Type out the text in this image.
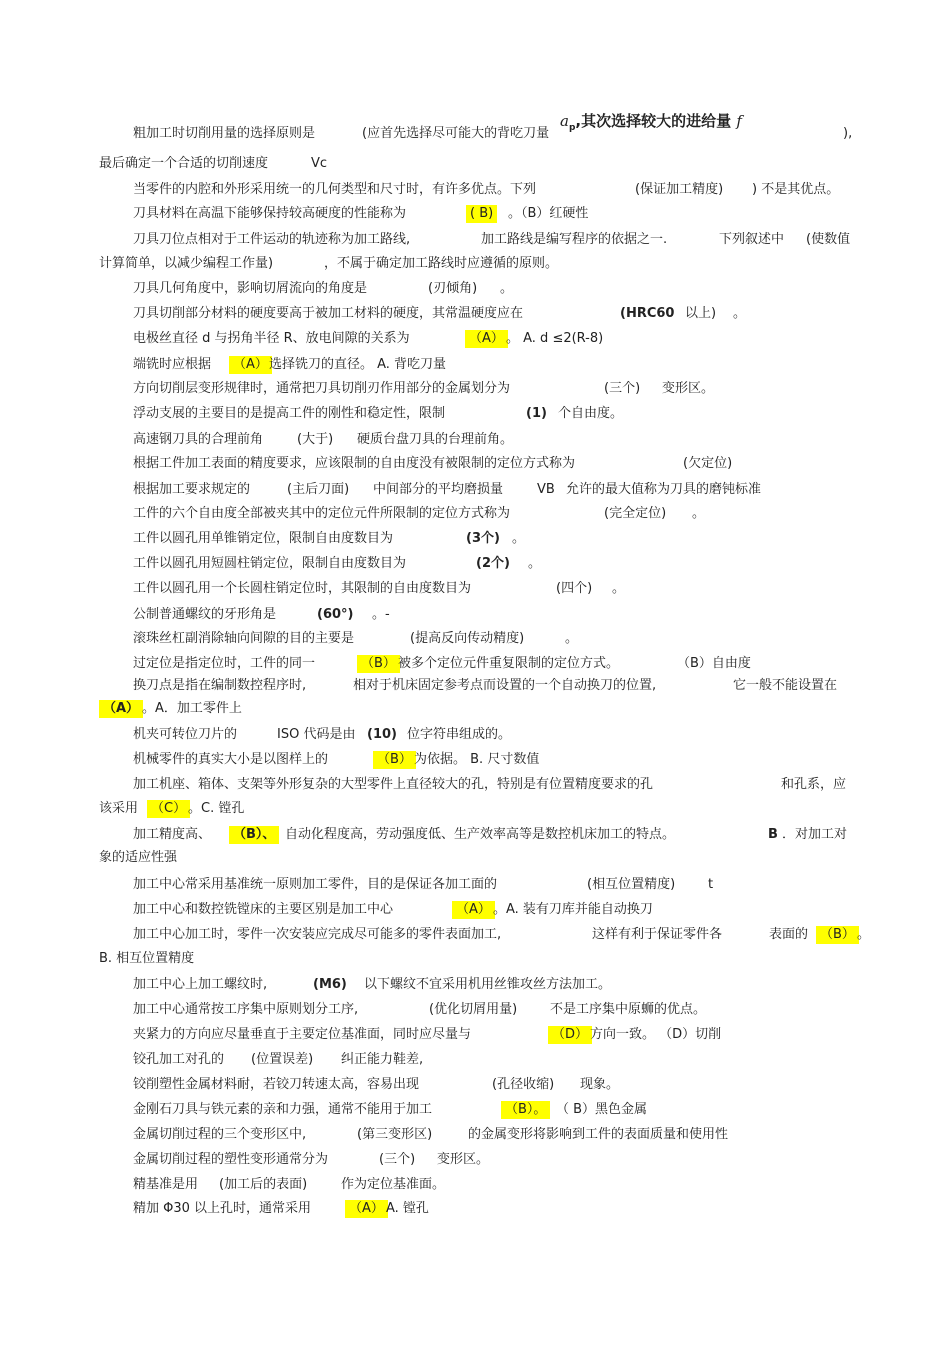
$a_p$,其次选择较大的进给量 f
粗加工时切削用量的选择原则是	(应首先选择尽可能大的背吃刀量	),
最后确定一个合适的切削速度	Vc
当零件的内腔和外形采用统一的几何类型和尺寸时，有许多优点。下列	(保证加工精度) ) 不是其优点。
刀具材料在高温下能够保持较高硬度的性能称为	( B)	。（B）红硬性
刀具刀位点相对于工件运动的轨迹称为加工路线,	加工路线是编写程序的依据之一.	下列叙述中 (使数值
计算简单，以减少编程工作量)	，不属于确定加工路线时应遵循的原则。
刀具几何角度中，影响切屑流向的角度是	(刃倾角) 。
刀具切削部分材料的硬度要高于被加工材料的硬度，其常温硬度应在	(HRC60 以上) 。
电极丝直径 d 与拐角半径 R、放电间隙的关系为	（A） 。 A. d ≤2(R-8)
端铣时应根据	（A） 选择铣刀的直径。 A. 背吃刀量
方向切削层变形规律时，通常把刀具切削刃作用部分的金属划分为	(三个) 变形区。
浮动支展的主要目的是提高工件的刚性和稳定性，限制	(1) 个自由度。
高速钢刀具的合理前角	(大于) 硬质台盘刀具的台理前角。
根据工件加工表面的精度要求，应该限制的自由度没有被限制的定位方式称为	(欠定位)
根据加工要求规定的	(主后刀面) 中间部分的平均磨损量	VB 允许的最大值称为刀具的磨钝标准
工件的六个自由度全部被夹其中的定位元件所限制的定位方式称为	(完全定位) 。
工件以圆孔用单锥销定位，限制自由度数目为	(3个) 。
工件以圆孔用短圆柱销定位，限制自由度数目为	(2个) 。
工件以圆孔用一个长圆柱销定位时，其限制的自由度数目为	(四个) 。
公制普通螺纹的牙形角是	(60°) 。-
滚珠丝杠副消除轴向间隙的目的主要是	(提高反向传动精度)	。
过定位是指定位时，工件的同一	（B） 被多个定位元件重复限制的定位方式。	（B）自由度
换刀点是指在编制数控程序时,	相对于机床固定参考点而设置的一个自动换刀的位置,	它一般不能设置在
（A） 。A．加工零件上
机夹可转位刀片的	ISO 代码是由 (10) 位字符串组成的。
机械零件的真实大小是以图样上的	（B） 为依据。 B. 尺寸数值
加工机座、箱体、支架等外形复杂的大型零件上直径较大的孔，特别是有位置精度要求的孔	和孔系，应
该采用 （C） 。C. 镗孔
加工精度高、	（B）、 自动化程度高，劳动强度低、生产效率高等是数控机床加工的特点。	B ．对加工对
象的适应性强
加工中心常采用基准统一原则加工零件，目的是保证各加工面的	(相互位置精度)	t
加工中心和数控铣镗床的主要区别是加工中心	（A） 。A. 装有刀库并能自动换刀
加工中心加工时，零件一次安装应完成尽可能多的零件表面加工,	这样有利于保证零件各	表面的 （B） 。
B. 相互位置精度
加工中心上加工螺纹时,	(M6) 以下螺纹不宜采用机用丝锥攻丝方法加工。
加工中心通常按工序集中原则划分工序,	(优化切屑用量)	不是工序集中原蛳的优点。
夹紧力的方向应尽量垂直于主要定位基准面，同时应尽量与	（D） 方向一致。 （D）切削
铰孔加工对孔的 (位置误差) 纠正能力鞋差,
铰削塑性金属材料耐，若铰刀转速太高，容易出现	(孔径收缩) 现象。
金刚石刀具与铁元素的亲和力强，通常不能用于加工	（B）。 （ B）黑色金属
金属切削过程的三个变形区中,	(第三变形区)	的金属变形将影响到工件的表面质量和使用性
金属切削过程的塑性变形通常分为	(三个) 变形区。
精基准是用 (加工后的表面)	作为定位基准面。
精加 Φ30 以上孔时，通常采用	（A） A. 镗孔
